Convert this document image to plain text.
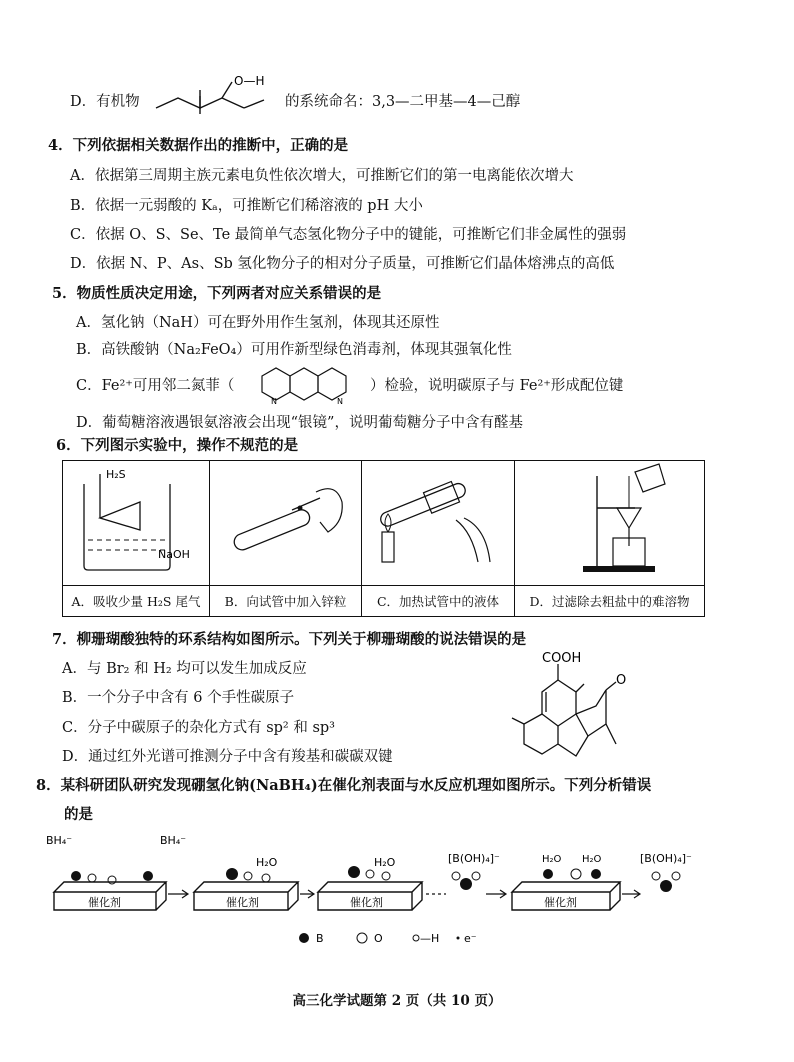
D．有机物
O—H
的系统命名：3,3—二甲基—4—己醇
4．下列依据相关数据作出的推断中，正确的是
A．依据第三周期主族元素电负性依次增大，可推断它们的第一电离能依次增大
B．依据一元弱酸的 Kₐ，可推断它们稀溶液的 pH 大小
C．依据 O、S、Se、Te 最简单气态氢化物分子中的键能，可推断它们非金属性的强弱
D．依据 N、P、As、Sb 氢化物分子的相对分子质量，可推断它们晶体熔沸点的高低
5．物质性质决定用途，下列两者对应关系错误的是
A．氢化钠（NaH）可在野外用作生氢剂，体现其还原性
B．高铁酸钠（Na₂FeO₄）可用作新型绿色消毒剂，体现其强氧化性
C．Fe²⁺可用邻二氮菲（
N	N
）检验，说明碳原子与 Fe²⁺形成配位键
D．葡萄糖溶液遇银氨溶液会出现“银镜”，说明葡萄糖分子中含有醛基
6．下列图示实验中，操作不规范的是
H₂S
NaOH

A．吸收少量 H₂S 尾气	B．向试管中加入锌粒	C．加热试管中的液体	D．过滤除去粗盐中的难溶物
7．柳珊瑚酸独特的环系结构如图所示。下列关于柳珊瑚酸的说法错误的是
A．与 Br₂ 和 H₂ 均可以发生加成反应
B．一个分子中含有 6 个手性碳原子
C．分子中碳原子的杂化方式有 sp² 和 sp³
D．通过红外光谱可推测分子中含有羧基和碳碳双键
COOH
O
8．某科研团队研究发现硼氢化钠(NaBH₄)在催化剂表面与水反应机理如图所示。下列分析错误
的是
催化剂	催化剂	催化剂	催化剂
BH₄⁻	BH₄⁻
H₂O	H₂O	[B(OH)₄]⁻	H₂O H₂O	[B(OH)₄]⁻
B	O	—H e⁻
高三化学试题第 2 页（共 10 页）
